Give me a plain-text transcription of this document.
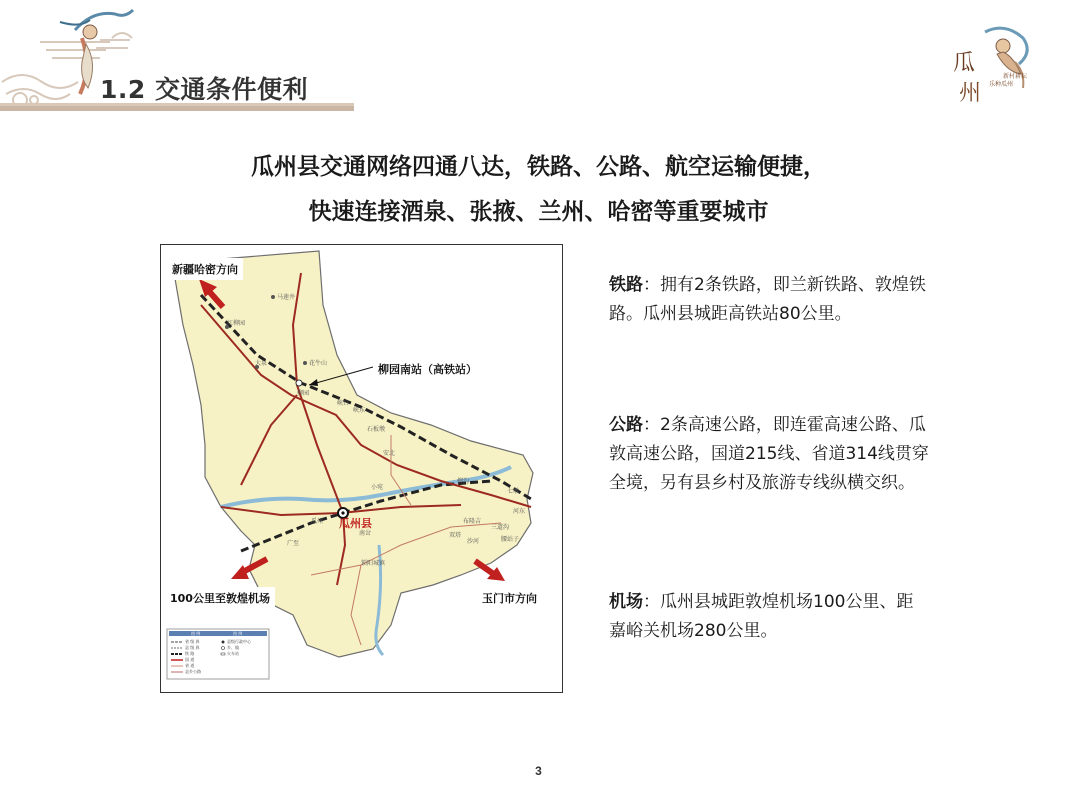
1.2 交通条件便利
瓜
州
新村耕耘
乐种瓜州
瓜州县交通网络四通八达，铁路、公路、航空运输便捷，
快速连接酒泉、张掖、兰州、哈密等重要城市
瓜州县
马莲井
红柳园
大泉	花牛山
柳园
峡口
峡东
石板墩
安北
小宛
柳沟
七墩
河东
瓜州
南岔	双塔
广至
锁阳城镇
布隆吉
腰站子
三道沟
沙河
图 例	图 例
省 级 界
县 级 界
铁 路
国 道
省 道
县乡公路
县级行政中心
乡、镇
火车站
新疆哈密方向
柳园南站（高铁站）
100公里至敦煌机场	玉门市方向
铁路：拥有2条铁路，即兰新铁路、敦煌铁路。瓜州县城距高铁站80公里。
公路：2条高速公路，即连霍高速公路、瓜敦高速公路，国道215线、省道314线贯穿全境，另有县乡村及旅游专线纵横交织。
机场：瓜州县城距敦煌机场100公里、距嘉峪关机场280公里。
3
